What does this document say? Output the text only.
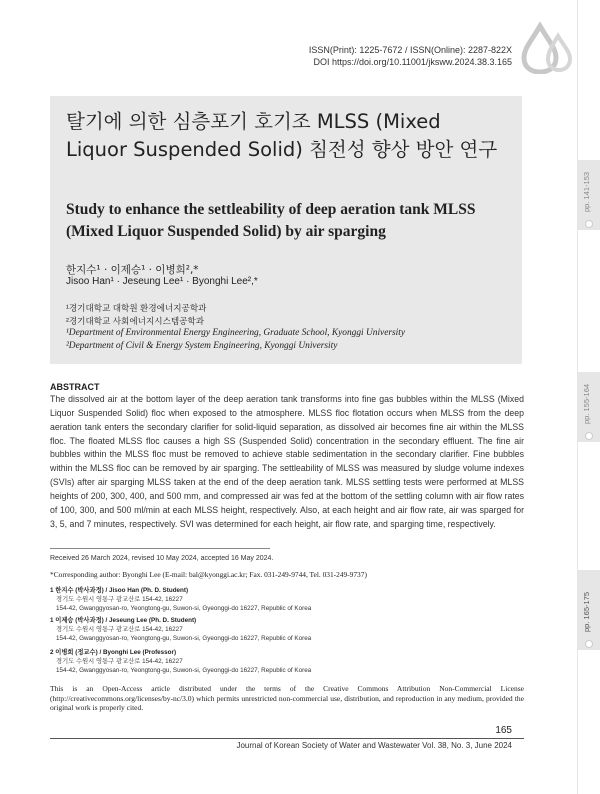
ISSN(Print): 1225-7672 / ISSN(Online): 2287-822X
DOI https://doi.org/10.11001/jksww.2024.38.3.165
pp. 141-153
pp. 155-164
pp. 165-175
탈기에 의한 심층포기 호기조 MLSS (Mixed Liquor Suspended Solid) 침전성 향상 방안 연구
Study to enhance the settleability of deep aeration tank MLSS (Mixed Liquor Suspended Solid) by air sparging
한지수¹ · 이제승¹ · 이병희²,*
Jisoo Han¹ · Jeseung Lee¹ · Byonghi Lee²,*
¹경기대학교 대학원 환경에너지공학과
²경기대학교 사회에너지시스템공학과
¹Department of Environmental Energy Engineering, Graduate School, Kyonggi University
²Department of Civil & Energy System Engineering, Kyonggi University
ABSTRACT
The dissolved air at the bottom layer of the deep aeration tank transforms into fine gas bubbles within the MLSS (Mixed Liquor Suspended Solid) floc when exposed to the atmosphere. MLSS floc flotation occurs when MLSS from the deep aeration tank enters the secondary clarifier for solid-liquid separation, as dissolved air becomes fine air within the MLSS floc. The floated MLSS floc causes a high SS (Suspended Solid) concentration in the secondary effluent. The fine air bubbles within the MLSS floc must be removed to achieve stable sedimentation in the secondary clarifier. Fine bubbles within the MLSS floc can be removed by air sparging. The settleability of MLSS was measured by sludge volume indexes (SVIs) after air sparging MLSS taken at the end of the deep aeration tank. MLSS settling tests were performed at MLSS heights of 200, 300, 400, and 500 mm, and compressed air was fed at the bottom of the settling column with air flow rates of 100, 300, and 500 ml/min at each MLSS height, respectively. Also, at each height and air flow rate, air was sparged for 3, 5, and 7 minutes, respectively. SVI was determined for each height, air flow rate, and sparging time, respectively.
Received 26 March 2024, revised 10 May 2024, accepted 16 May 2024.
*Corresponding author: Byonghi Lee (E-mail: bal@kyonggi.ac.kr; Fax. 031-249-9744, Tel. 031-249-9737)
1 한지수 (박사과정) / Jisoo Han (Ph. D. Student)
경기도 수원시 영통구 광교산로 154-42, 16227
154-42, Gwanggyosan-ro, Yeongtong-gu, Suwon-si, Gyeonggi-do 16227, Republic of Korea
1 이제승 (박사과정) / Jeseung Lee (Ph. D. Student)
경기도 수원시 영통구 광교산로 154-42, 16227
154-42, Gwanggyosan-ro, Yeongtong-gu, Suwon-si, Gyeonggi-do 16227, Republic of Korea
2 이병희 (정교수) / Byonghi Lee (Professor)
경기도 수원시 영통구 광교산로 154-42, 16227
154-42, Gwanggyosan-ro, Yeongtong-gu, Suwon-si, Gyeonggi-do 16227, Republic of Korea
This is an Open-Access article distributed under the terms of the Creative Commons Attribution Non-Commercial License (http://creativecommons.org/licenses/by-nc/3.0) which permits unrestricted non-commercial use, distribution, and reproduction in any medium, provided the original work is properly cited.
165
Journal of Korean Society of Water and Wastewater Vol. 38, No. 3, June 2024
